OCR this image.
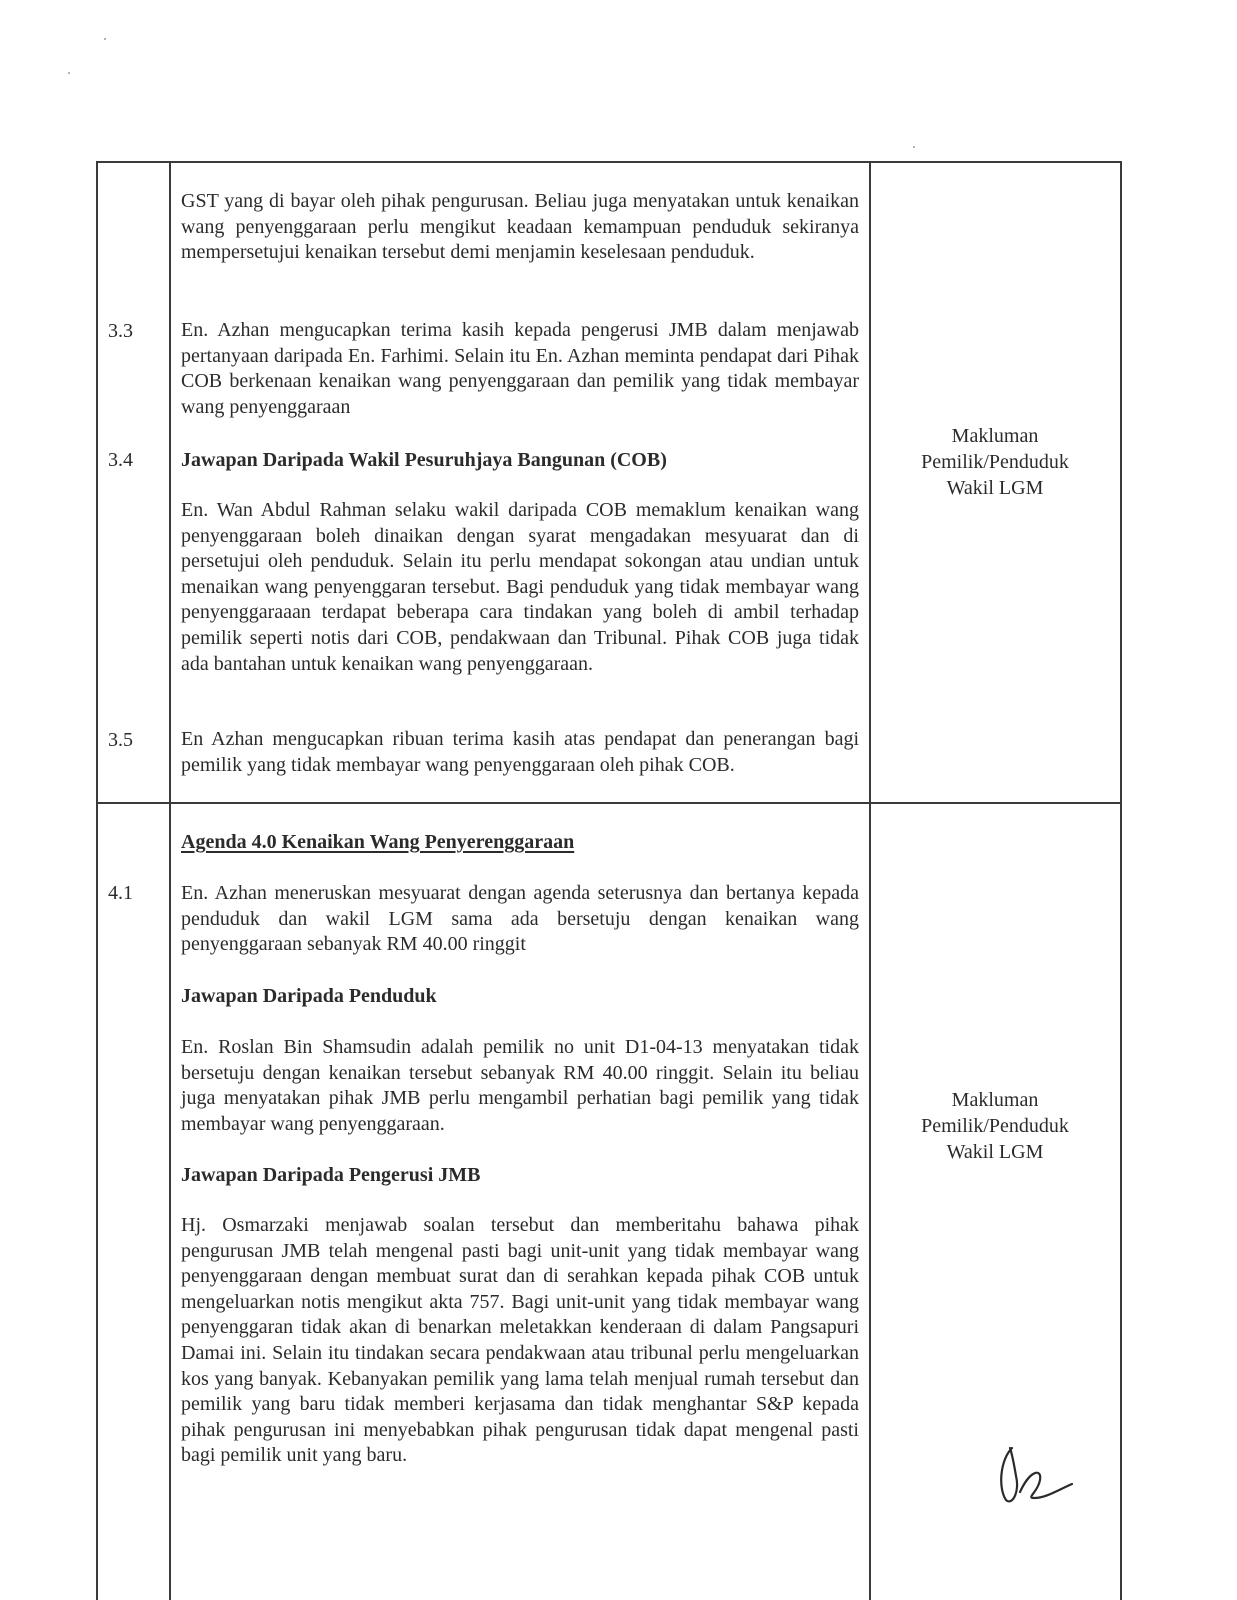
GST yang di bayar oleh pihak pengurusan. Beliau juga menyatakan untuk kenaikan wang penyenggaraan perlu mengikut keadaan kemampuan penduduk sekiranya mempersetujui kenaikan tersebut demi menjamin keselesaan penduduk.
3.3 En. Azhan mengucapkan terima kasih kepada pengerusi JMB dalam menjawab pertanyaan daripada En. Farhimi. Selain itu En. Azhan meminta pendapat dari Pihak COB berkenaan kenaikan wang penyenggaraan dan pemilik yang tidak membayar wang penyenggaraan
3.4 Jawapan Daripada Wakil Pesuruhjaya Bangunan (COB)
En. Wan Abdul Rahman selaku wakil daripada COB memaklum kenaikan wang penyenggaraan boleh dinaikan dengan syarat mengadakan mesyuarat dan di persetujui oleh penduduk. Selain itu perlu mendapat sokongan atau undian untuk menaikan wang penyenggaran tersebut. Bagi penduduk yang tidak membayar wang penyenggaraaan terdapat beberapa cara tindakan yang boleh di ambil terhadap pemilik seperti notis dari COB, pendakwaan dan Tribunal. Pihak COB juga tidak ada bantahan untuk kenaikan wang penyenggaraan.
3.5 En Azhan mengucapkan ribuan terima kasih atas pendapat dan penerangan bagi pemilik yang tidak membayar wang penyenggaraan oleh pihak COB.
Makluman
Pemilik/Penduduk
Wakil LGM
Agenda 4.0 Kenaikan Wang Penyerenggaraan
4.1 En. Azhan meneruskan mesyuarat dengan agenda seterusnya dan bertanya kepada penduduk dan wakil LGM sama ada bersetuju dengan kenaikan wang penyenggaraan sebanyak RM 40.00 ringgit
Jawapan Daripada Penduduk
En. Roslan Bin Shamsudin adalah pemilik no unit D1-04-13 menyatakan tidak bersetuju dengan kenaikan tersebut sebanyak RM 40.00 ringgit. Selain itu beliau juga menyatakan pihak JMB perlu mengambil perhatian bagi pemilik yang tidak membayar wang penyenggaraan.
Jawapan Daripada Pengerusi JMB
Hj. Osmarzaki menjawab soalan tersebut dan memberitahu bahawa pihak pengurusan JMB telah mengenal pasti bagi unit-unit yang tidak membayar wang penyenggaraan dengan membuat surat dan di serahkan kepada pihak COB untuk mengeluarkan notis mengikut akta 757. Bagi unit-unit yang tidak membayar wang penyenggaran tidak akan di benarkan meletakkan kenderaan di dalam Pangsapuri Damai ini. Selain itu tindakan secara pendakwaan atau tribunal perlu mengeluarkan kos yang banyak. Kebanyakan pemilik yang lama telah menjual rumah tersebut dan pemilik yang baru tidak memberi kerjasama dan tidak menghantar S&P kepada pihak pengurusan ini menyebabkan pihak pengurusan tidak dapat mengenal pasti bagi pemilik unit yang baru.
Makluman
Pemilik/Penduduk
Wakil LGM
